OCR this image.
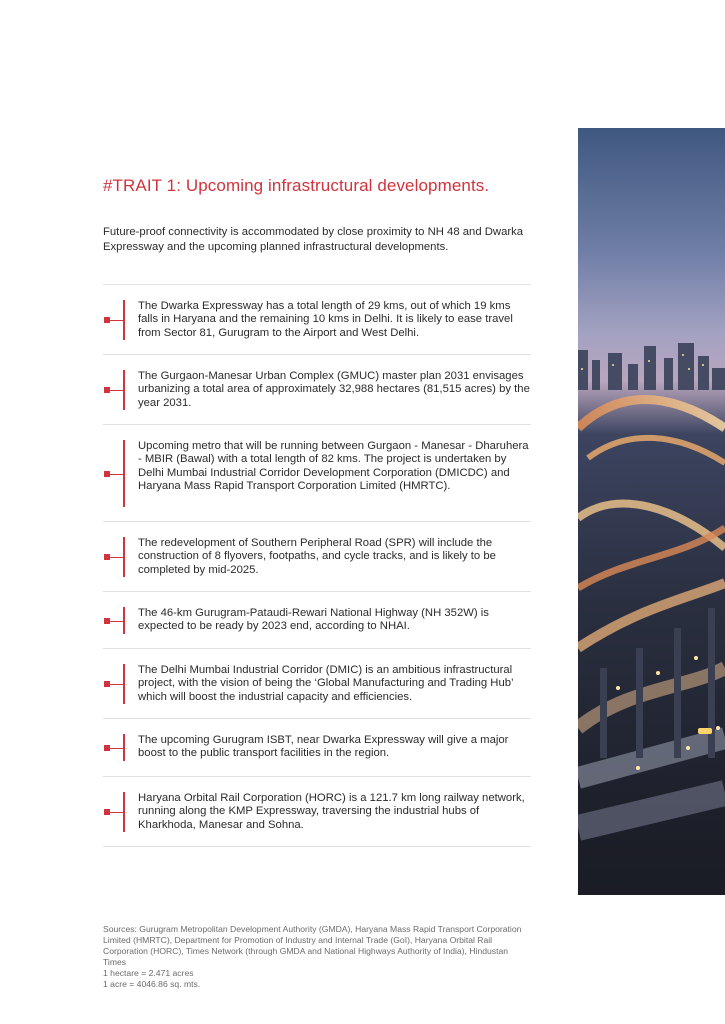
#TRAIT 1: Upcoming infrastructural developments.
Future-proof connectivity is accommodated by close proximity to NH 48 and Dwarka Expressway and the upcoming planned infrastructural developments.
The Dwarka Expressway has a total length of 29 kms, out of which 19 kms falls in Haryana and the remaining 10 kms in Delhi. It is likely to ease travel from Sector 81, Gurugram to the Airport and West Delhi.
The Gurgaon-Manesar Urban Complex (GMUC) master plan 2031 envisages urbanizing a total area of approximately 32,988 hectares (81,515 acres) by the year 2031.
Upcoming metro that will be running between Gurgaon - Manesar - Dharuhera - MBIR (Bawal) with a total length of 82 kms. The project is undertaken by Delhi Mumbai Industrial Corridor Development Corporation (DMICDC) and Haryana Mass Rapid Transport Corporation Limited (HMRTC).
The redevelopment of Southern Peripheral Road (SPR) will include the construction of 8 flyovers, footpaths, and cycle tracks, and is likely to be completed by mid-2025.
The 46-km Gurugram-Pataudi-Rewari National Highway (NH 352W) is expected to be ready by 2023 end, according to NHAI.
The Delhi Mumbai Industrial Corridor (DMIC) is an ambitious infrastructural project, with the vision of being the ‘Global Manufacturing and Trading Hub’ which will boost the industrial capacity and efficiencies.
The upcoming Gurugram ISBT, near Dwarka Expressway will give a major boost to the public transport facilities in the region.
Haryana Orbital Rail Corporation (HORC) is a 121.7 km long railway network, running along the KMP Expressway, traversing the industrial hubs of Kharkhoda, Manesar and Sohna.
Sources: Gurugram Metropolitan Development Authority (GMDA), Haryana Mass Rapid Transport Corporation Limited (HMRTC), Department for Promotion of Industry and Internal Trade (GoI), Haryana Orbital Rail Corporation (HORC), Times Network (through GMDA and National Highways Authority of India), Hindustan Times
1 hectare = 2.471 acres
1 acre = 4046.86 sq. mts.
